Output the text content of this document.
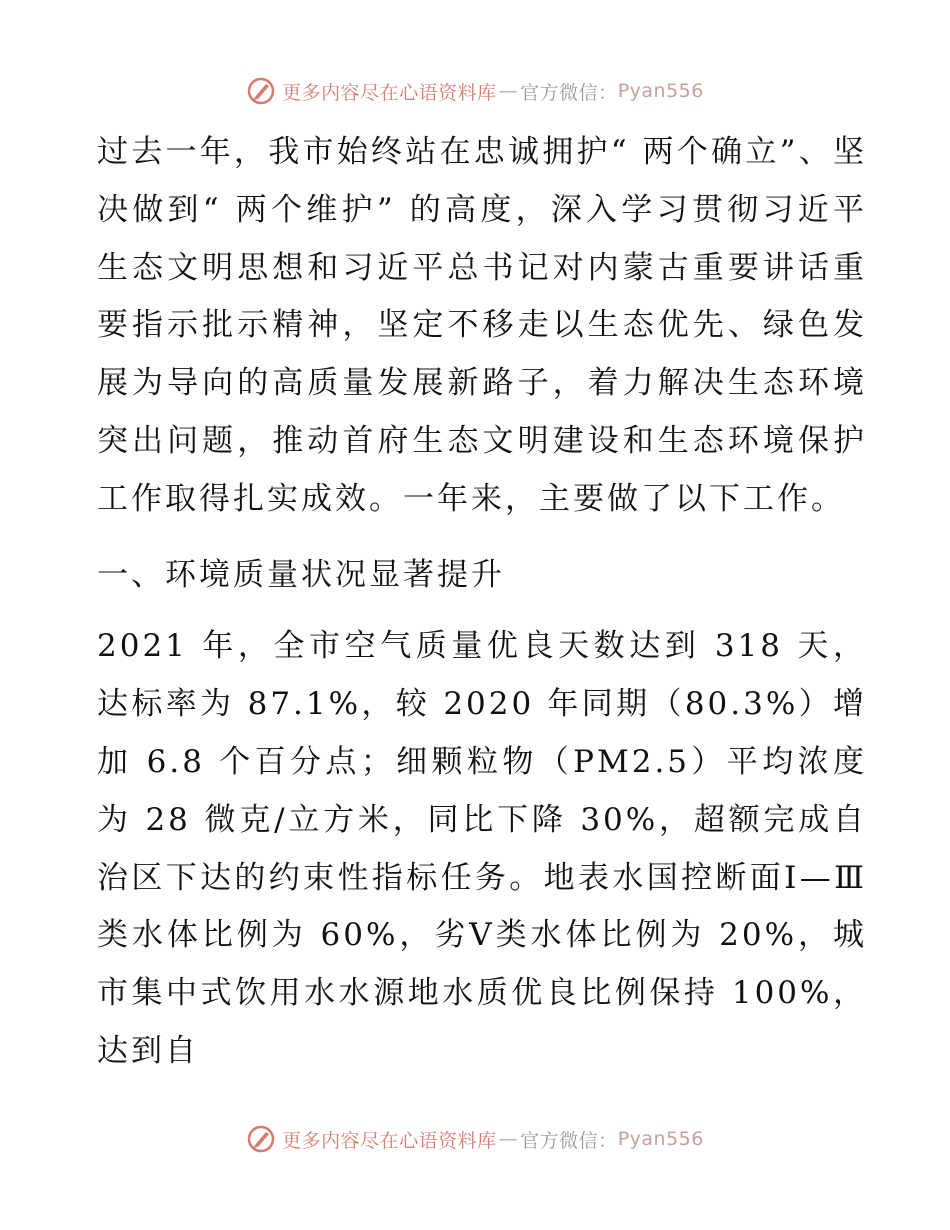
更多内容尽在心语资料库 — 官方微信： Pyan556

过去一年，我市始终站在忠诚拥护“ 两个确立”、坚决做到“ 两个维护” 的高度，深入学习贯彻习近平生态文明思想和习近平总书记对内蒙古重要讲话重要指示批示精神，坚定不移走以生态优先、绿色发展为导向的高质量发展新路子，着力解决生态环境突出问题，推动首府生态文明建设和生态环境保护工作取得扎实成效。一年来，主要做了以下工作。

一、环境质量状况显著提升

2021 年，全市空气质量优良天数达到 318 天，达标率为 87.1%，较 2020 年同期（80.3%）增加 6.8 个百分点；细颗粒物（PM2.5）平均浓度为 28 微克/立方米，同比下降 30%，超额完成自治区下达的约束性指标任务。地表水国控断面Ⅰ—Ⅲ类水体比例为 60%，劣Ⅴ类水体比例为 20%，城市集中式饮用水水源地水质优良比例保持 100%，达到自

更多内容尽在心语资料库 — 官方微信： Pyan556
